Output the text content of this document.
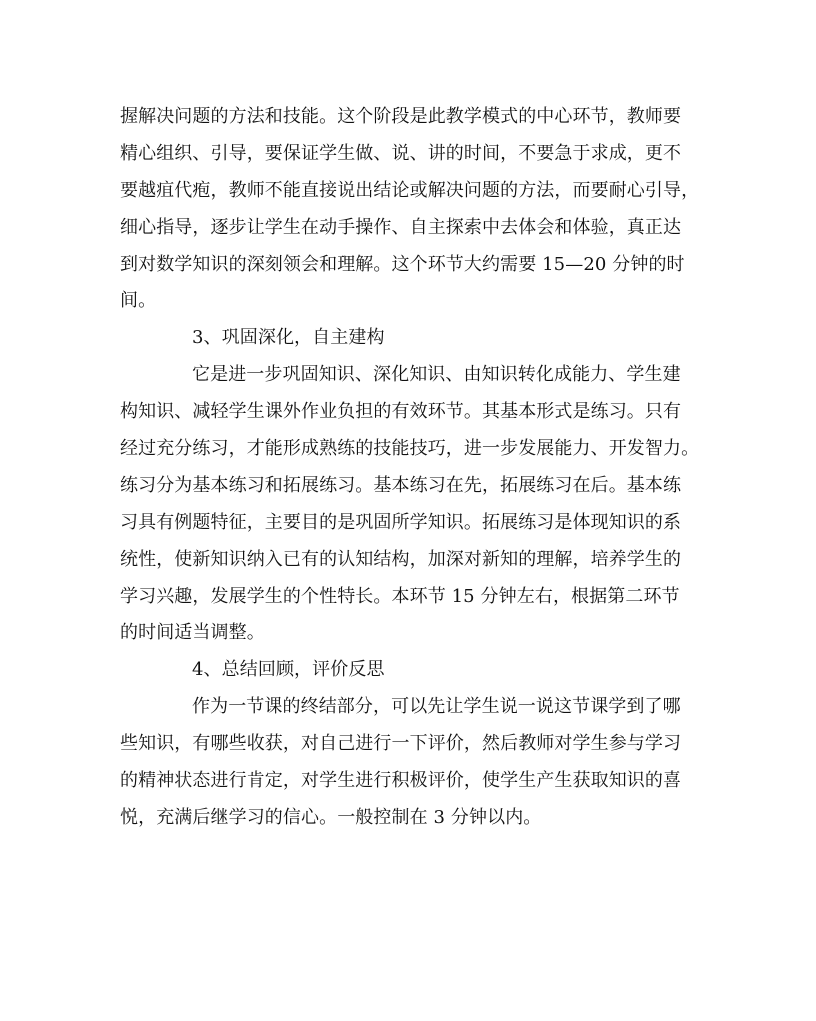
握解决问题的方法和技能。这个阶段是此教学模式的中心环节，教师要
精心组织、引导，要保证学生做、说、讲的时间，不要急于求成，更不
要越疽代疱，教师不能直接说出结论或解决问题的方法，而要耐心引导，
细心指导，逐步让学生在动手操作、自主探索中去体会和体验，真正达
到对数学知识的深刻领会和理解。这个环节大约需要 15—20 分钟的时
间。
3、巩固深化，自主建构
它是进一步巩固知识、深化知识、由知识转化成能力、学生建
构知识、减轻学生课外作业负担的有效环节。其基本形式是练习。只有
经过充分练习，才能形成熟练的技能技巧，进一步发展能力、开发智力。
练习分为基本练习和拓展练习。基本练习在先，拓展练习在后。基本练
习具有例题特征，主要目的是巩固所学知识。拓展练习是体现知识的系
统性，使新知识纳入已有的认知结构，加深对新知的理解，培养学生的
学习兴趣，发展学生的个性特长。本环节 15 分钟左右，根据第二环节
的时间适当调整。
4、总结回顾，评价反思
作为一节课的终结部分，可以先让学生说一说这节课学到了哪
些知识，有哪些收获，对自己进行一下评价，然后教师对学生参与学习
的精神状态进行肯定，对学生进行积极评价，使学生产生获取知识的喜
悦，充满后继学习的信心。一般控制在 3 分钟以内。
